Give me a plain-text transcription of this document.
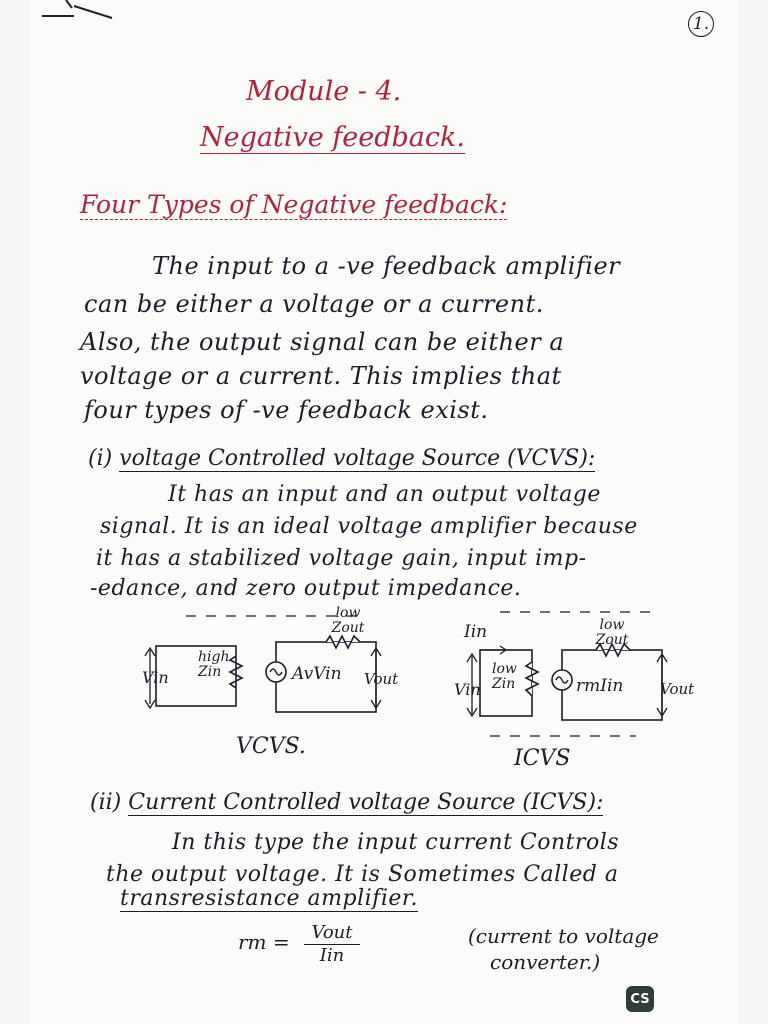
1.
Module - 4.
Negative feedback.
Four Types of Negative feedback:
The input to a -ve feedback amplifier
can be either a voltage or a current.
Also, the output signal can be either a
voltage or a current. This implies that
four types of -ve feedback exist.
(i) voltage Controlled voltage Source (VCVS):
It has an input and an output voltage
signal. It is an ideal voltage amplifier because
it has a stabilized voltage gain, input imp-
-edance, and zero output impedance.
Vin
high Zin	AvVin
low Zout
Vout
VCVS.
Iin
Vin
low Zin	rmIin
low Zout
Vout
ICVS
(ii) Current Controlled voltage Source (ICVS):
In this type the input current Controls
the output voltage. It is Sometimes Called a
transresistance amplifier.
rm =	Vout
Iin
(current to voltage
converter.)
CS
